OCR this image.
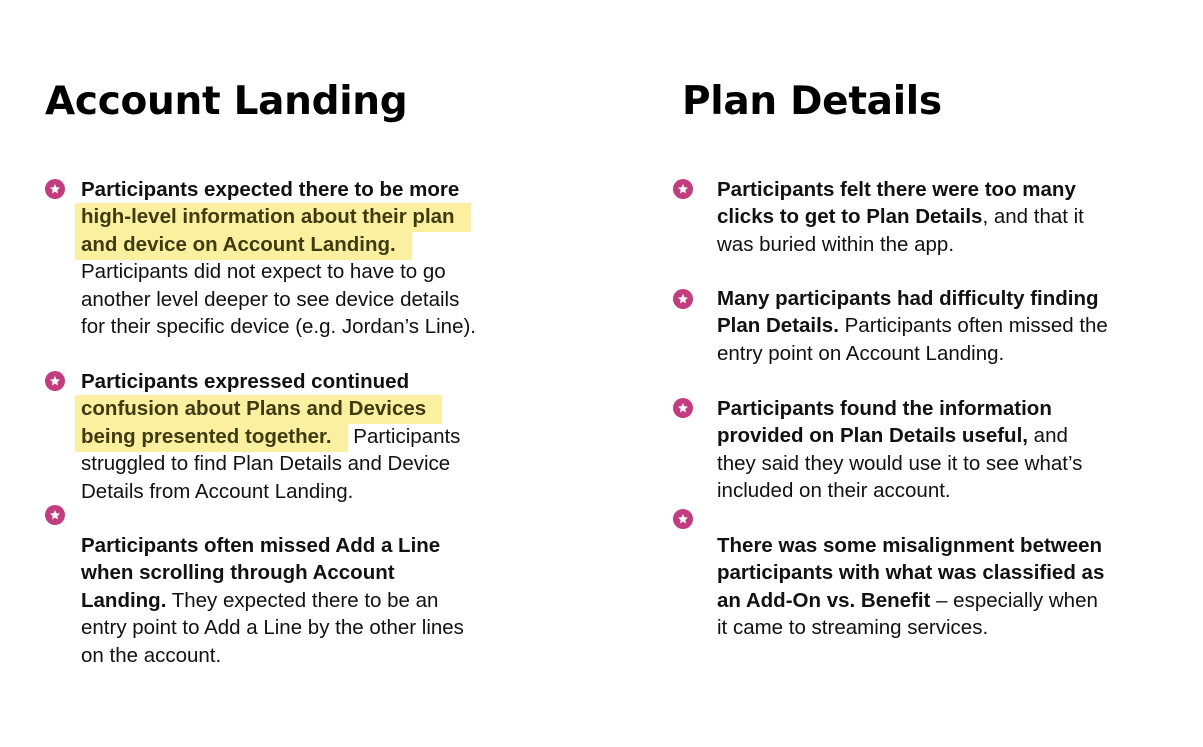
Account Landing
Participants expected there to be more
high-level information about their plan
and device on Account Landing.
Participants did not expect to have to go
another level deeper to see device details
for their specific device (e.g. Jordan’s Line).
Participants expressed continued
confusion about Plans and Devices
being presented together. Participants
struggled to find Plan Details and Device
Details from Account Landing.
Participants often missed Add a Line
when scrolling through Account
Landing. They expected there to be an
entry point to Add a Line by the other lines
on the account.
Plan Details
Participants felt there were too many
clicks to get to Plan Details, and that it
was buried within the app.
Many participants had difficulty finding
Plan Details. Participants often missed the
entry point on Account Landing.
Participants found the information
provided on Plan Details useful, and
they said they would use it to see what’s
included on their account.
There was some misalignment between
participants with what was classified as
an Add-On vs. Benefit – especially when
it came to streaming services.
